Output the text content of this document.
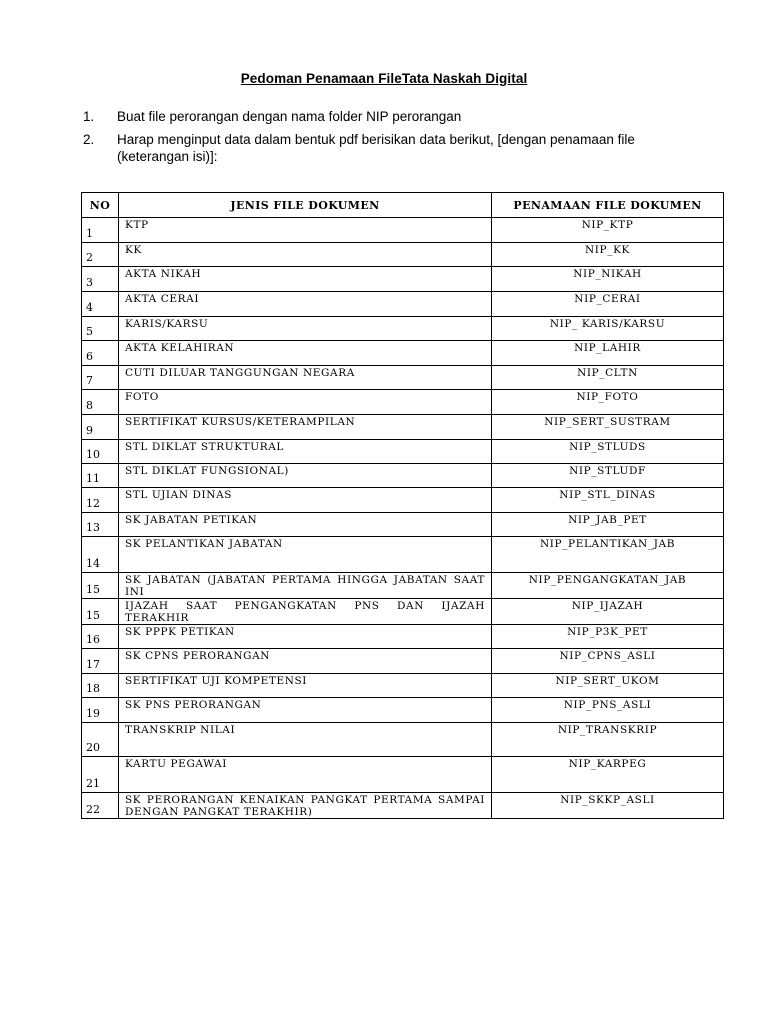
Pedoman Penamaan FileTata Naskah Digital
1. Buat file perorangan dengan nama folder NIP perorangan
2. Harap menginput data dalam bentuk pdf berisikan data berikut, [dengan penamaan file (keterangan isi)]:
NO	JENIS FILE DOKUMEN	PENAMAAN FILE DOKUMEN
1	KTP	NIP_KTP
2	KK	NIP_KK
3	AKTA NIKAH	NIP_NIKAH
4	AKTA CERAI	NIP_CERAI
5	KARIS/KARSU	NIP_ KARIS/KARSU
6	AKTA KELAHIRAN	NIP_LAHIR
7	CUTI DILUAR TANGGUNGAN NEGARA	NIP_CLTN
8	FOTO	NIP_FOTO
9	SERTIFIKAT KURSUS/KETERAMPILAN	NIP_SERT_SUSTRAM
10	STL DIKLAT STRUKTURAL	NIP_STLUDS
11	STL DIKLAT FUNGSIONAL)	NIP_STLUDF
12	STL UJIAN DINAS	NIP_STL_DINAS
13	SK JABATAN PETIKAN	NIP_JAB_PET
14	SK PELANTIKAN JABATAN	NIP_PELANTIKAN_JAB
15	SK JABATAN (JABATAN PERTAMA HINGGA JABATAN SAAT INI	NIP_PENGANGKATAN_JAB
15	IJAZAH SAAT PENGANGKATAN PNS DAN IJAZAH TERAKHIR	NIP_IJAZAH
16	SK PPPK PETIKAN	NIP_P3K_PET
17	SK CPNS PERORANGAN	NIP_CPNS_ASLI
18	SERTIFIKAT UJI KOMPETENSI	NIP_SERT_UKOM
19	SK PNS PERORANGAN	NIP_PNS_ASLI
20	TRANSKRIP NILAI	NIP_TRANSKRIP
21	KARTU PEGAWAI	NIP_KARPEG
22	SK PERORANGAN KENAIKAN PANGKAT PERTAMA SAMPAI DENGAN PANGKAT TERAKHIR)	NIP_SKKP_ASLI
